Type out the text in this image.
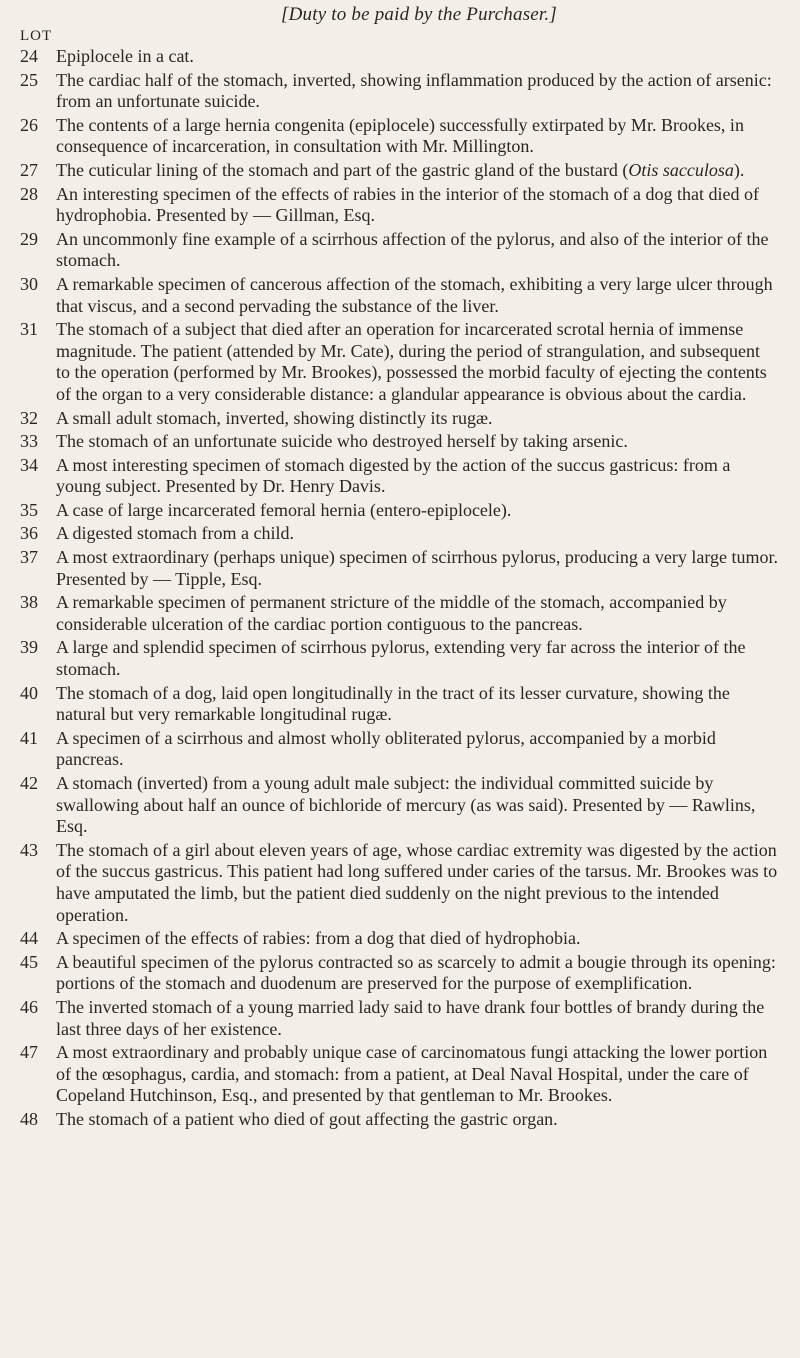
[Duty to be paid by the Purchaser.]
LOT
24 Epiplocele in a cat.
25 The cardiac half of the stomach, inverted, showing inflammation produced by the action of arsenic: from an unfortunate suicide.
26 The contents of a large hernia congenita (epiplocele) successfully extirpated by Mr. Brookes, in consequence of incarceration, in consultation with Mr. Millington.
27 The cuticular lining of the stomach and part of the gastric gland of the bustard (Otis sacculosa).
28 An interesting specimen of the effects of rabies in the interior of the stomach of a dog that died of hydrophobia. Presented by — Gillman, Esq.
29 An uncommonly fine example of a scirrhous affection of the pylorus, and also of the interior of the stomach.
30 A remarkable specimen of cancerous affection of the stomach, exhibiting a very large ulcer through that viscus, and a second pervading the substance of the liver.
31 The stomach of a subject that died after an operation for incarcerated scrotal hernia of immense magnitude. The patient (attended by Mr. Cate), during the period of strangulation, and subsequent to the operation (performed by Mr. Brookes), possessed the morbid faculty of ejecting the contents of the organ to a very considerable distance: a glandular appearance is obvious about the cardia.
32 A small adult stomach, inverted, showing distinctly its rugæ.
33 The stomach of an unfortunate suicide who destroyed herself by taking arsenic.
34 A most interesting specimen of stomach digested by the action of the succus gastricus: from a young subject. Presented by Dr. Henry Davis.
35 A case of large incarcerated femoral hernia (entero-epiplocele).
36 A digested stomach from a child.
37 A most extraordinary (perhaps unique) specimen of scirrhous pylorus, producing a very large tumor. Presented by — Tipple, Esq.
38 A remarkable specimen of permanent stricture of the middle of the stomach, accompanied by considerable ulceration of the cardiac portion contiguous to the pancreas.
39 A large and splendid specimen of scirrhous pylorus, extending very far across the interior of the stomach.
40 The stomach of a dog, laid open longitudinally in the tract of its lesser curvature, showing the natural but very remarkable longitudinal rugæ.
41 A specimen of a scirrhous and almost wholly obliterated pylorus, accompanied by a morbid pancreas.
42 A stomach (inverted) from a young adult male subject: the individual committed suicide by swallowing about half an ounce of bichloride of mercury (as was said). Presented by — Rawlins, Esq.
43 The stomach of a girl about eleven years of age, whose cardiac extremity was digested by the action of the succus gastricus. This patient had long suffered under caries of the tarsus. Mr. Brookes was to have amputated the limb, but the patient died suddenly on the night previous to the intended operation.
44 A specimen of the effects of rabies: from a dog that died of hydrophobia.
45 A beautiful specimen of the pylorus contracted so as scarcely to admit a bougie through its opening: portions of the stomach and duodenum are preserved for the purpose of exemplification.
46 The inverted stomach of a young married lady said to have drank four bottles of brandy during the last three days of her existence.
47 A most extraordinary and probably unique case of carcinomatous fungi attacking the lower portion of the œsophagus, cardia, and stomach: from a patient, at Deal Naval Hospital, under the care of Copeland Hutchinson, Esq., and presented by that gentleman to Mr. Brookes.
48 The stomach of a patient who died of gout affecting the gastric organ.
